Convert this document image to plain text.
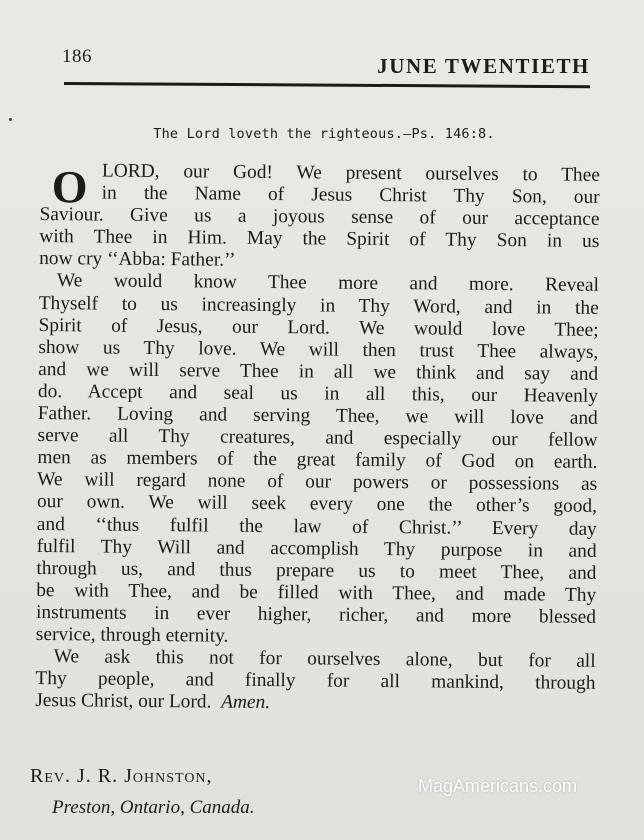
186	JUNE TWENTIETH
The Lord loveth the righteous.—Ps. 146:8.
O LORD, our God! We present ourselves to Thee
in the Name of Jesus Christ Thy Son, our
Saviour. Give us a joyous sense of our acceptance
with Thee in Him. May the Spirit of Thy Son in us
now cry ‘‘Abba: Father.’’
We would know Thee more and more. Reveal
Thyself to us increasingly in Thy Word, and in the
Spirit of Jesus, our Lord. We would love Thee;
show us Thy love. We will then trust Thee always,
and we will serve Thee in all we think and say and
do. Accept and seal us in all this, our Heavenly
Father. Loving and serving Thee, we will love and
serve all Thy creatures, and especially our fellow
men as members of the great family of God on earth.
We will regard none of our powers or possessions as
our own. We will seek every one the other’s good,
and ‘‘thus fulfil the law of Christ.’’ Every day
fulfil Thy Will and accomplish Thy purpose in and
through us, and thus prepare us to meet Thee, and
be with Thee, and be filled with Thee, and made Thy
instruments in ever higher, richer, and more blessed
service, through eternity.
We ask this not for ourselves alone, but for all
Thy people, and finally for all mankind, through
Jesus Christ, our Lord. Amen.
Rev. J. R. Johnston,
Preston, Ontario, Canada.
MagAmericans.com
